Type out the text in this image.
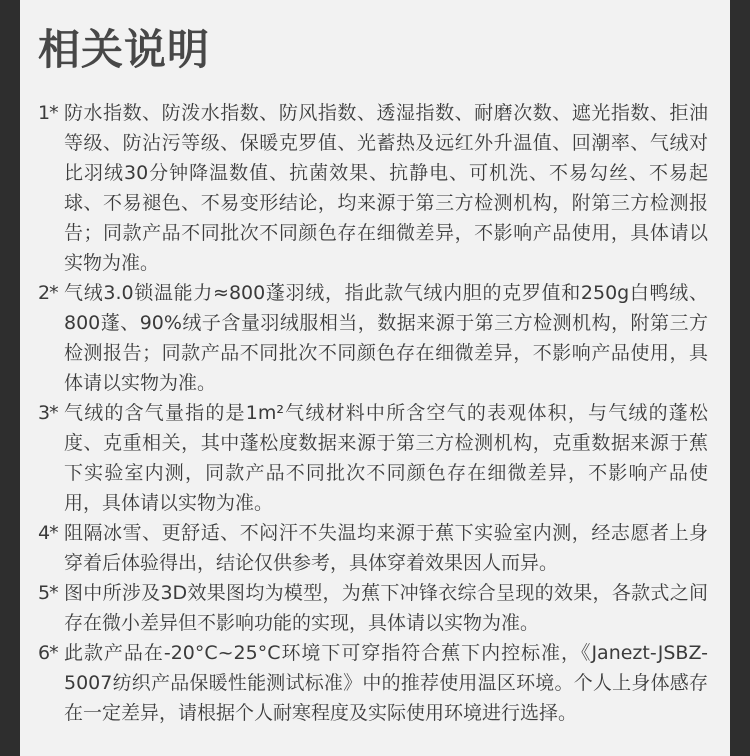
相关说明
1* 防水指数、防泼水指数、防风指数、透湿指数、耐磨次数、遮光指数、拒油等级、防沾污等级、保暖克罗值、光蓄热及远红外升温值、回潮率、气绒对比羽绒30分钟降温数值、抗菌效果、抗静电、可机洗、不易勾丝、不易起球、不易褪色、不易变形结论，均来源于第三方检测机构，附第三方检测报告；同款产品不同批次不同颜色存在细微差异，不影响产品使用，具体请以实物为准。
2* 气绒3.0锁温能力≈800蓬羽绒，指此款气绒内胆的克罗值和250g白鸭绒、800蓬、90%绒子含量羽绒服相当，数据来源于第三方检测机构，附第三方检测报告；同款产品不同批次不同颜色存在细微差异，不影响产品使用，具体请以实物为准。
3* 气绒的含气量指的是1m²气绒材料中所含空气的表观体积，与气绒的蓬松度、克重相关，其中蓬松度数据来源于第三方检测机构，克重数据来源于蕉下实验室内测，同款产品不同批次不同颜色存在细微差异，不影响产品使用，具体请以实物为准。
4* 阻隔冰雪、更舒适、不闷汗不失温均来源于蕉下实验室内测，经志愿者上身穿着后体验得出，结论仅供参考，具体穿着效果因人而异。
5* 图中所涉及3D效果图均为模型，为蕉下冲锋衣综合呈现的效果，各款式之间存在微小差异但不影响功能的实现，具体请以实物为准。
6* 此款产品在-20°C~25°C环境下可穿指符合蕉下内控标准，《Janezt-JSBZ-5007纺织产品保暖性能测试标准》中的推荐使用温区环境。个人上身体感存在一定差异，请根据个人耐寒程度及实际使用环境进行选择。
